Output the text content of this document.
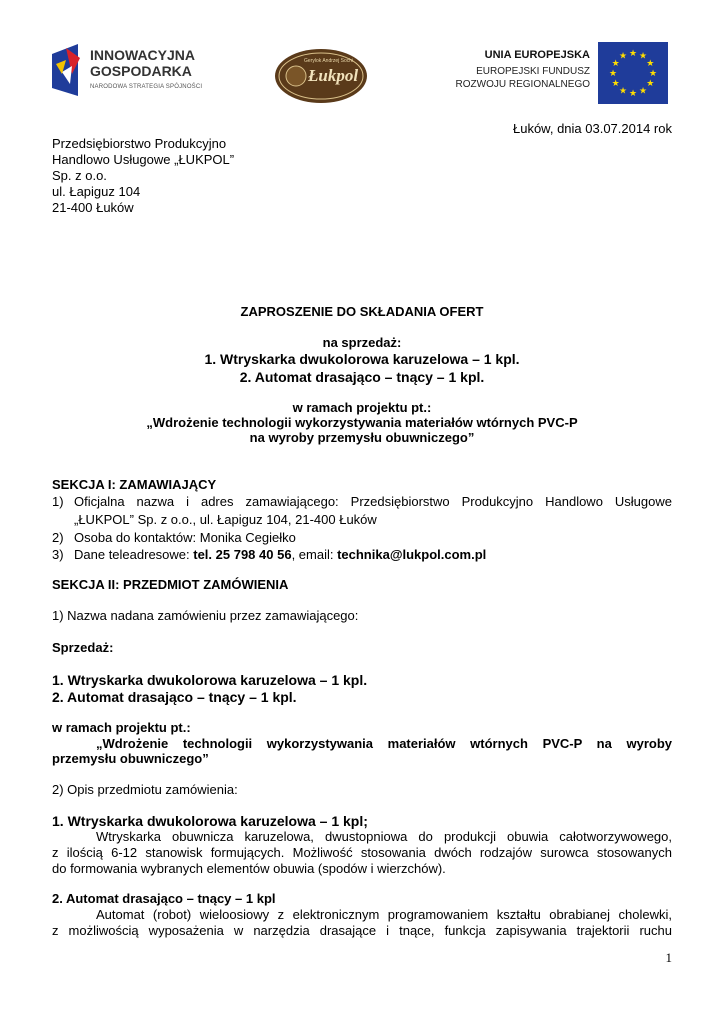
INNOWACYJNA
GOSPODARKA
NARODOWA STRATEGIA SPÓJNOŚCI
Gerylok Andrzej Sochi
Łukpol
UNIA EUROPEJSKA
EUROPEJSKI FUNDUSZ
ROZWOJU REGIONALNEGO
★ ★
★
★
★
★
★
★
★
★
★
★
Łuków, dnia 03.07.2014 rok
Przedsiębiorstwo Produkcyjno
Handlowo Usługowe „ŁUKPOL”
Sp. z o.o.
ul. Łapiguz 104
21-400 Łuków
ZAPROSZENIE DO SKŁADANIA OFERT
na sprzedaż:
1. Wtryskarka dwukolorowa karuzelowa – 1 kpl.
2. Automat drasająco – tnący – 1 kpl.
w ramach projektu pt.:
„Wdrożenie technologii wykorzystywania materiałów wtórnych PVC-P
na wyroby przemysłu obuwniczego”
SEKCJA I: ZAMAWIAJĄCY
1) Oficjalna nazwa i adres zamawiającego: Przedsiębiorstwo Produkcyjno Handlowo Usługowe
„ŁUKPOL” Sp. z o.o., ul. Łapiguz 104, 21-400 Łuków
2) Osoba do kontaktów: Monika Cegiełko
3) Dane teleadresowe: tel. 25 798 40 56, email: technika@lukpol.com.pl
SEKCJA II: PRZEDMIOT ZAMÓWIENIA
1) Nazwa nadana zamówieniu przez zamawiającego:
Sprzedaż:
1. Wtryskarka dwukolorowa karuzelowa – 1 kpl.
2. Automat drasająco – tnący – 1 kpl.
w ramach projektu pt.:
„Wdrożenie technologii wykorzystywania materiałów wtórnych PVC-P na wyroby
przemysłu obuwniczego”
2) Opis przedmiotu zamówienia:
1. Wtryskarka dwukolorowa karuzelowa – 1 kpl;
Wtryskarka obuwnicza karuzelowa, dwustopniowa do produkcji obuwia całotworzywowego,
z ilością 6-12 stanowisk formujących. Możliwość stosowania dwóch rodzajów surowca stosowanych
do formowania wybranych elementów obuwia (spodów i wierzchów).
2. Automat drasająco – tnący – 1 kpl
Automat (robot) wieloosiowy z elektronicznym programowaniem kształtu obrabianej cholewki,
z możliwością wyposażenia w narzędzia drasające i tnące, funkcja zapisywania trajektorii ruchu
1
